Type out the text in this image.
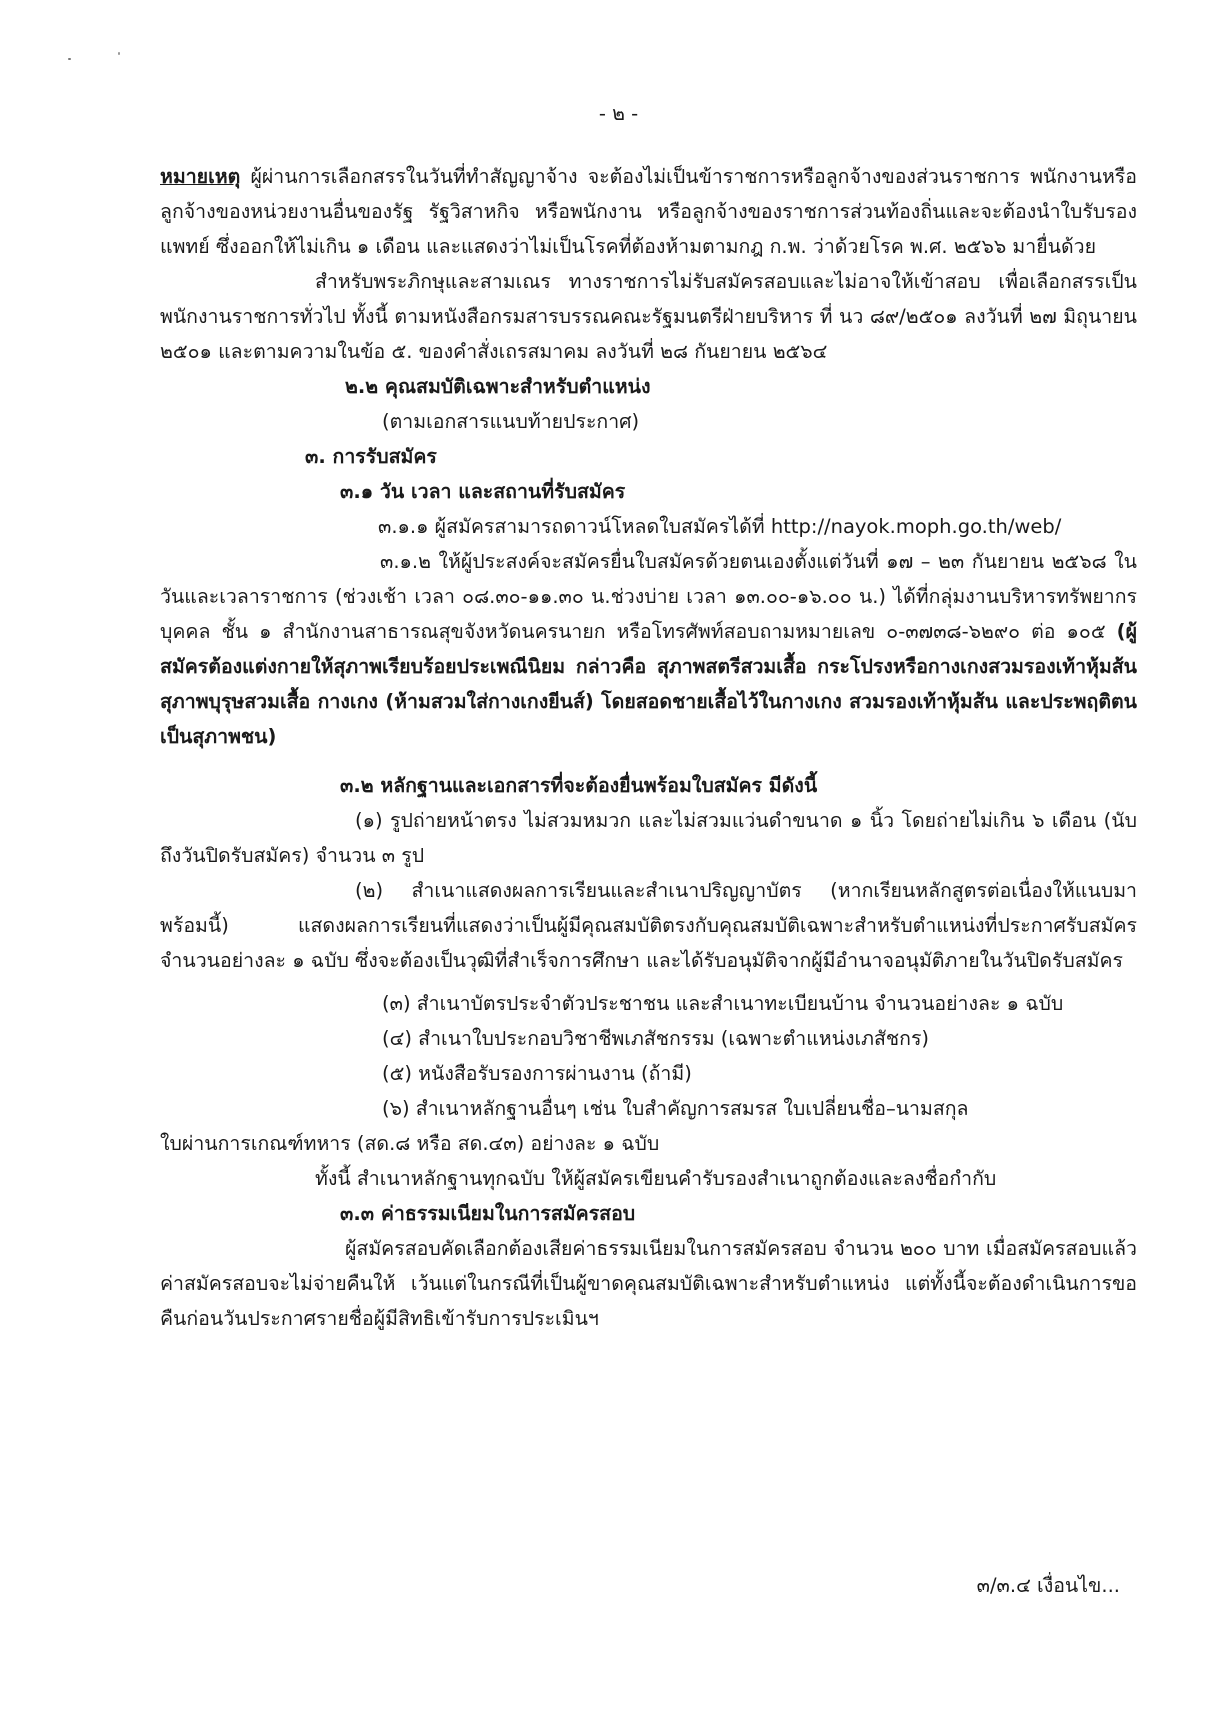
- ๒ -

หมายเหตุ ผู้ผ่านการเลือกสรรในวันที่ทำสัญญาจ้าง จะต้องไม่เป็นข้าราชการหรือลูกจ้างของส่วนราชการ พนักงานหรือลูกจ้างของหน่วยงานอื่นของรัฐ รัฐวิสาหกิจ หรือพนักงาน หรือลูกจ้างของราชการส่วนท้องถิ่นและจะต้องนำใบรับรองแพทย์ ซึ่งออกให้ไม่เกิน ๑ เดือน และแสดงว่าไม่เป็นโรคที่ต้องห้ามตามกฎ ก.พ. ว่าด้วยโรค พ.ศ. ๒๕๖๖ มายื่นด้วย

สำหรับพระภิกษุและสามเณร ทางราชการไม่รับสมัครสอบและไม่อาจให้เข้าสอบ เพื่อเลือกสรรเป็นพนักงานราชการทั่วไป ทั้งนี้ ตามหนังสือกรมสารบรรณคณะรัฐมนตรีฝ่ายบริหาร ที่ นว ๘๙/๒๕๐๑ ลงวันที่ ๒๗ มิถุนายน ๒๕๐๑ และตามความในข้อ ๕. ของคำสั่งเถรสมาคม ลงวันที่ ๒๘ กันยายน ๒๕๖๔

๒.๒ คุณสมบัติเฉพาะสำหรับตำแหน่ง

(ตามเอกสารแนบท้ายประกาศ)

๓. การรับสมัคร

๓.๑ วัน เวลา และสถานที่รับสมัคร

๓.๑.๑ ผู้สมัครสามารถดาวน์โหลดใบสมัครได้ที่ http://nayok.moph.go.th/web/

๓.๑.๒ ให้ผู้ประสงค์จะสมัครยื่นใบสมัครด้วยตนเองตั้งแต่วันที่ ๑๗ – ๒๓ กันยายน ๒๕๖๘ ในวันและเวลาราชการ (ช่วงเช้า เวลา ๐๘.๓๐-๑๑.๓๐ น.ช่วงบ่าย เวลา ๑๓.๐๐-๑๖.๐๐ น.) ได้ที่กลุ่มงานบริหารทรัพยากรบุคคล ชั้น ๑ สำนักงานสาธารณสุขจังหวัดนครนายก หรือโทรศัพท์สอบถามหมายเลข ๐-๓๗๓๘-๖๒๙๐ ต่อ ๑๐๕ (ผู้สมัครต้องแต่งกายให้สุภาพเรียบร้อยประเพณีนิยม กล่าวคือ สุภาพสตรีสวมเสื้อ กระโปรงหรือกางเกงสวมรองเท้าหุ้มส้น สุภาพบุรุษสวมเสื้อ กางเกง (ห้ามสวมใส่กางเกงยีนส์) โดยสอดชายเสื้อไว้ในกางเกง สวมรองเท้าหุ้มส้น และประพฤติตนเป็นสุภาพชน)

๓.๒ หลักฐานและเอกสารที่จะต้องยื่นพร้อมใบสมัคร มีดังนี้

(๑) รูปถ่ายหน้าตรง ไม่สวมหมวก และไม่สวมแว่นดำขนาด ๑ นิ้ว โดยถ่ายไม่เกิน ๖ เดือน (นับถึงวันปิดรับสมัคร) จำนวน ๓ รูป

(๒) สำเนาแสดงผลการเรียนและสำเนาปริญญาบัตร (หากเรียนหลักสูตรต่อเนื่องให้แนบมาพร้อมนี้) แสดงผลการเรียนที่แสดงว่าเป็นผู้มีคุณสมบัติตรงกับคุณสมบัติเฉพาะสำหรับตำแหน่งที่ประกาศรับสมัคร จำนวนอย่างละ ๑ ฉบับ ซึ่งจะต้องเป็นวุฒิที่สำเร็จการศึกษา และได้รับอนุมัติจากผู้มีอำนาจอนุมัติภายในวันปิดรับสมัคร

(๓) สำเนาบัตรประจำตัวประชาชน และสำเนาทะเบียนบ้าน จำนวนอย่างละ ๑ ฉบับ

(๔) สำเนาใบประกอบวิชาชีพเภสัชกรรม (เฉพาะตำแหน่งเภสัชกร)

(๕) หนังสือรับรองการผ่านงาน (ถ้ามี)

(๖) สำเนาหลักฐานอื่นๆ เช่น ใบสำคัญการสมรส ใบเปลี่ยนชื่อ–นามสกุล

ใบผ่านการเกณฑ์ทหาร (สด.๘ หรือ สด.๔๓) อย่างละ ๑ ฉบับ

ทั้งนี้ สำเนาหลักฐานทุกฉบับ ให้ผู้สมัครเขียนคำรับรองสำเนาถูกต้องและลงชื่อกำกับ

๓.๓ ค่าธรรมเนียมในการสมัครสอบ

ผู้สมัครสอบคัดเลือกต้องเสียค่าธรรมเนียมในการสมัครสอบ จำนวน ๒๐๐ บาท เมื่อสมัครสอบแล้วค่าสมัครสอบจะไม่จ่ายคืนให้ เว้นแต่ในกรณีที่เป็นผู้ขาดคุณสมบัติเฉพาะสำหรับตำแหน่ง แต่ทั้งนี้จะต้องดำเนินการขอคืนก่อนวันประกาศรายชื่อผู้มีสิทธิเข้ารับการประเมินฯ

๓/๓.๔ เงื่อนไข...
